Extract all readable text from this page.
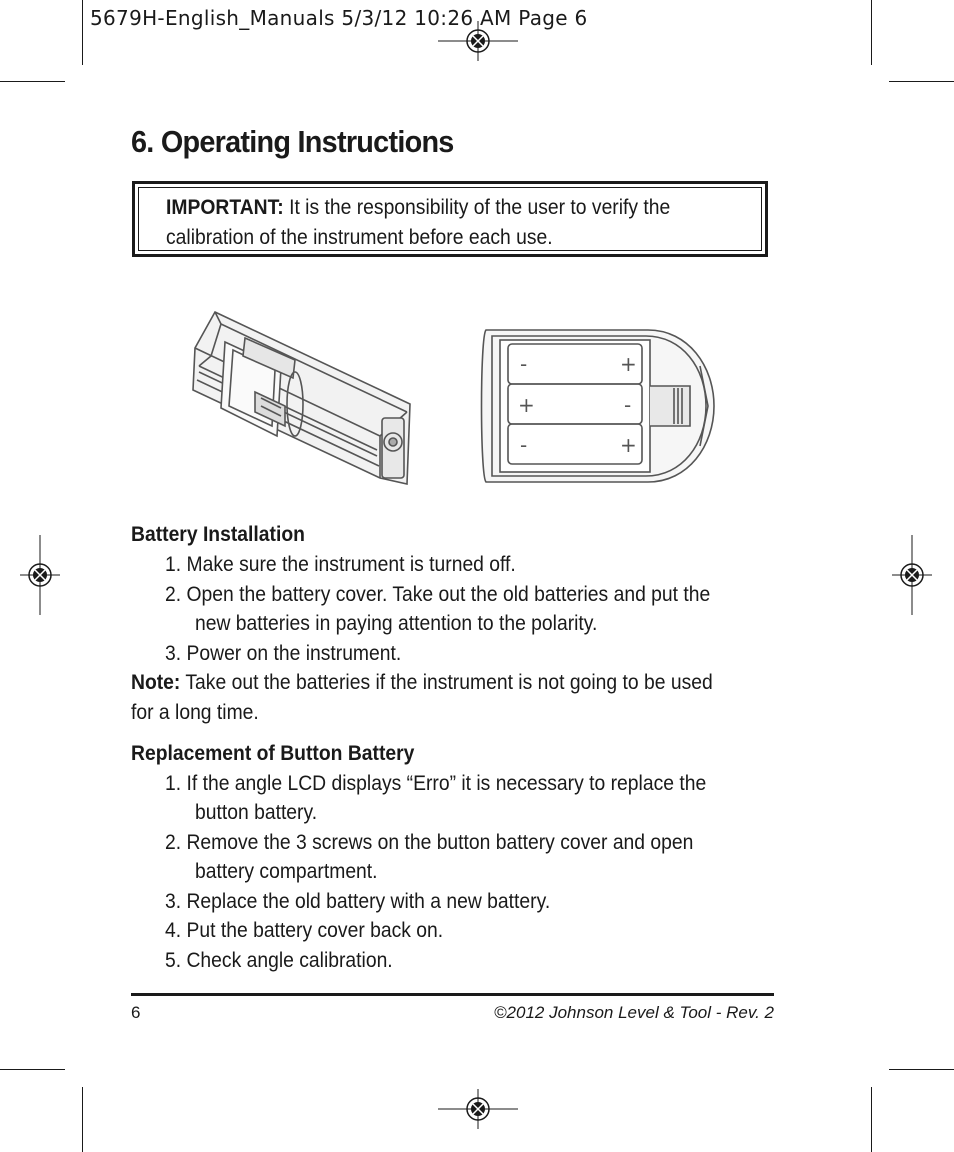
5679H-English_Manuals 5/3/12 10:26 AM Page 6
6. Operating Instructions
IMPORTANT: It is the responsibility of the user to verify the calibration of the instrument before each use.
-	+
+	-
-	+
Battery Installation
1. Make sure the instrument is turned off.
2. Open the battery cover. Take out the old batteries and put the
new batteries in paying attention to the polarity.
3. Power on the instrument.
Note: Take out the batteries if the instrument is not going to be used
for a long time.
Replacement of Button Battery
1. If the angle LCD displays “Erro” it is necessary to replace the
button battery.
2. Remove the 3 screws on the button battery cover and open
battery compartment.
3. Replace the old battery with a new battery.
4. Put the battery cover back on.
5. Check angle calibration.
6	©2012 Johnson Level & Tool - Rev. 2
